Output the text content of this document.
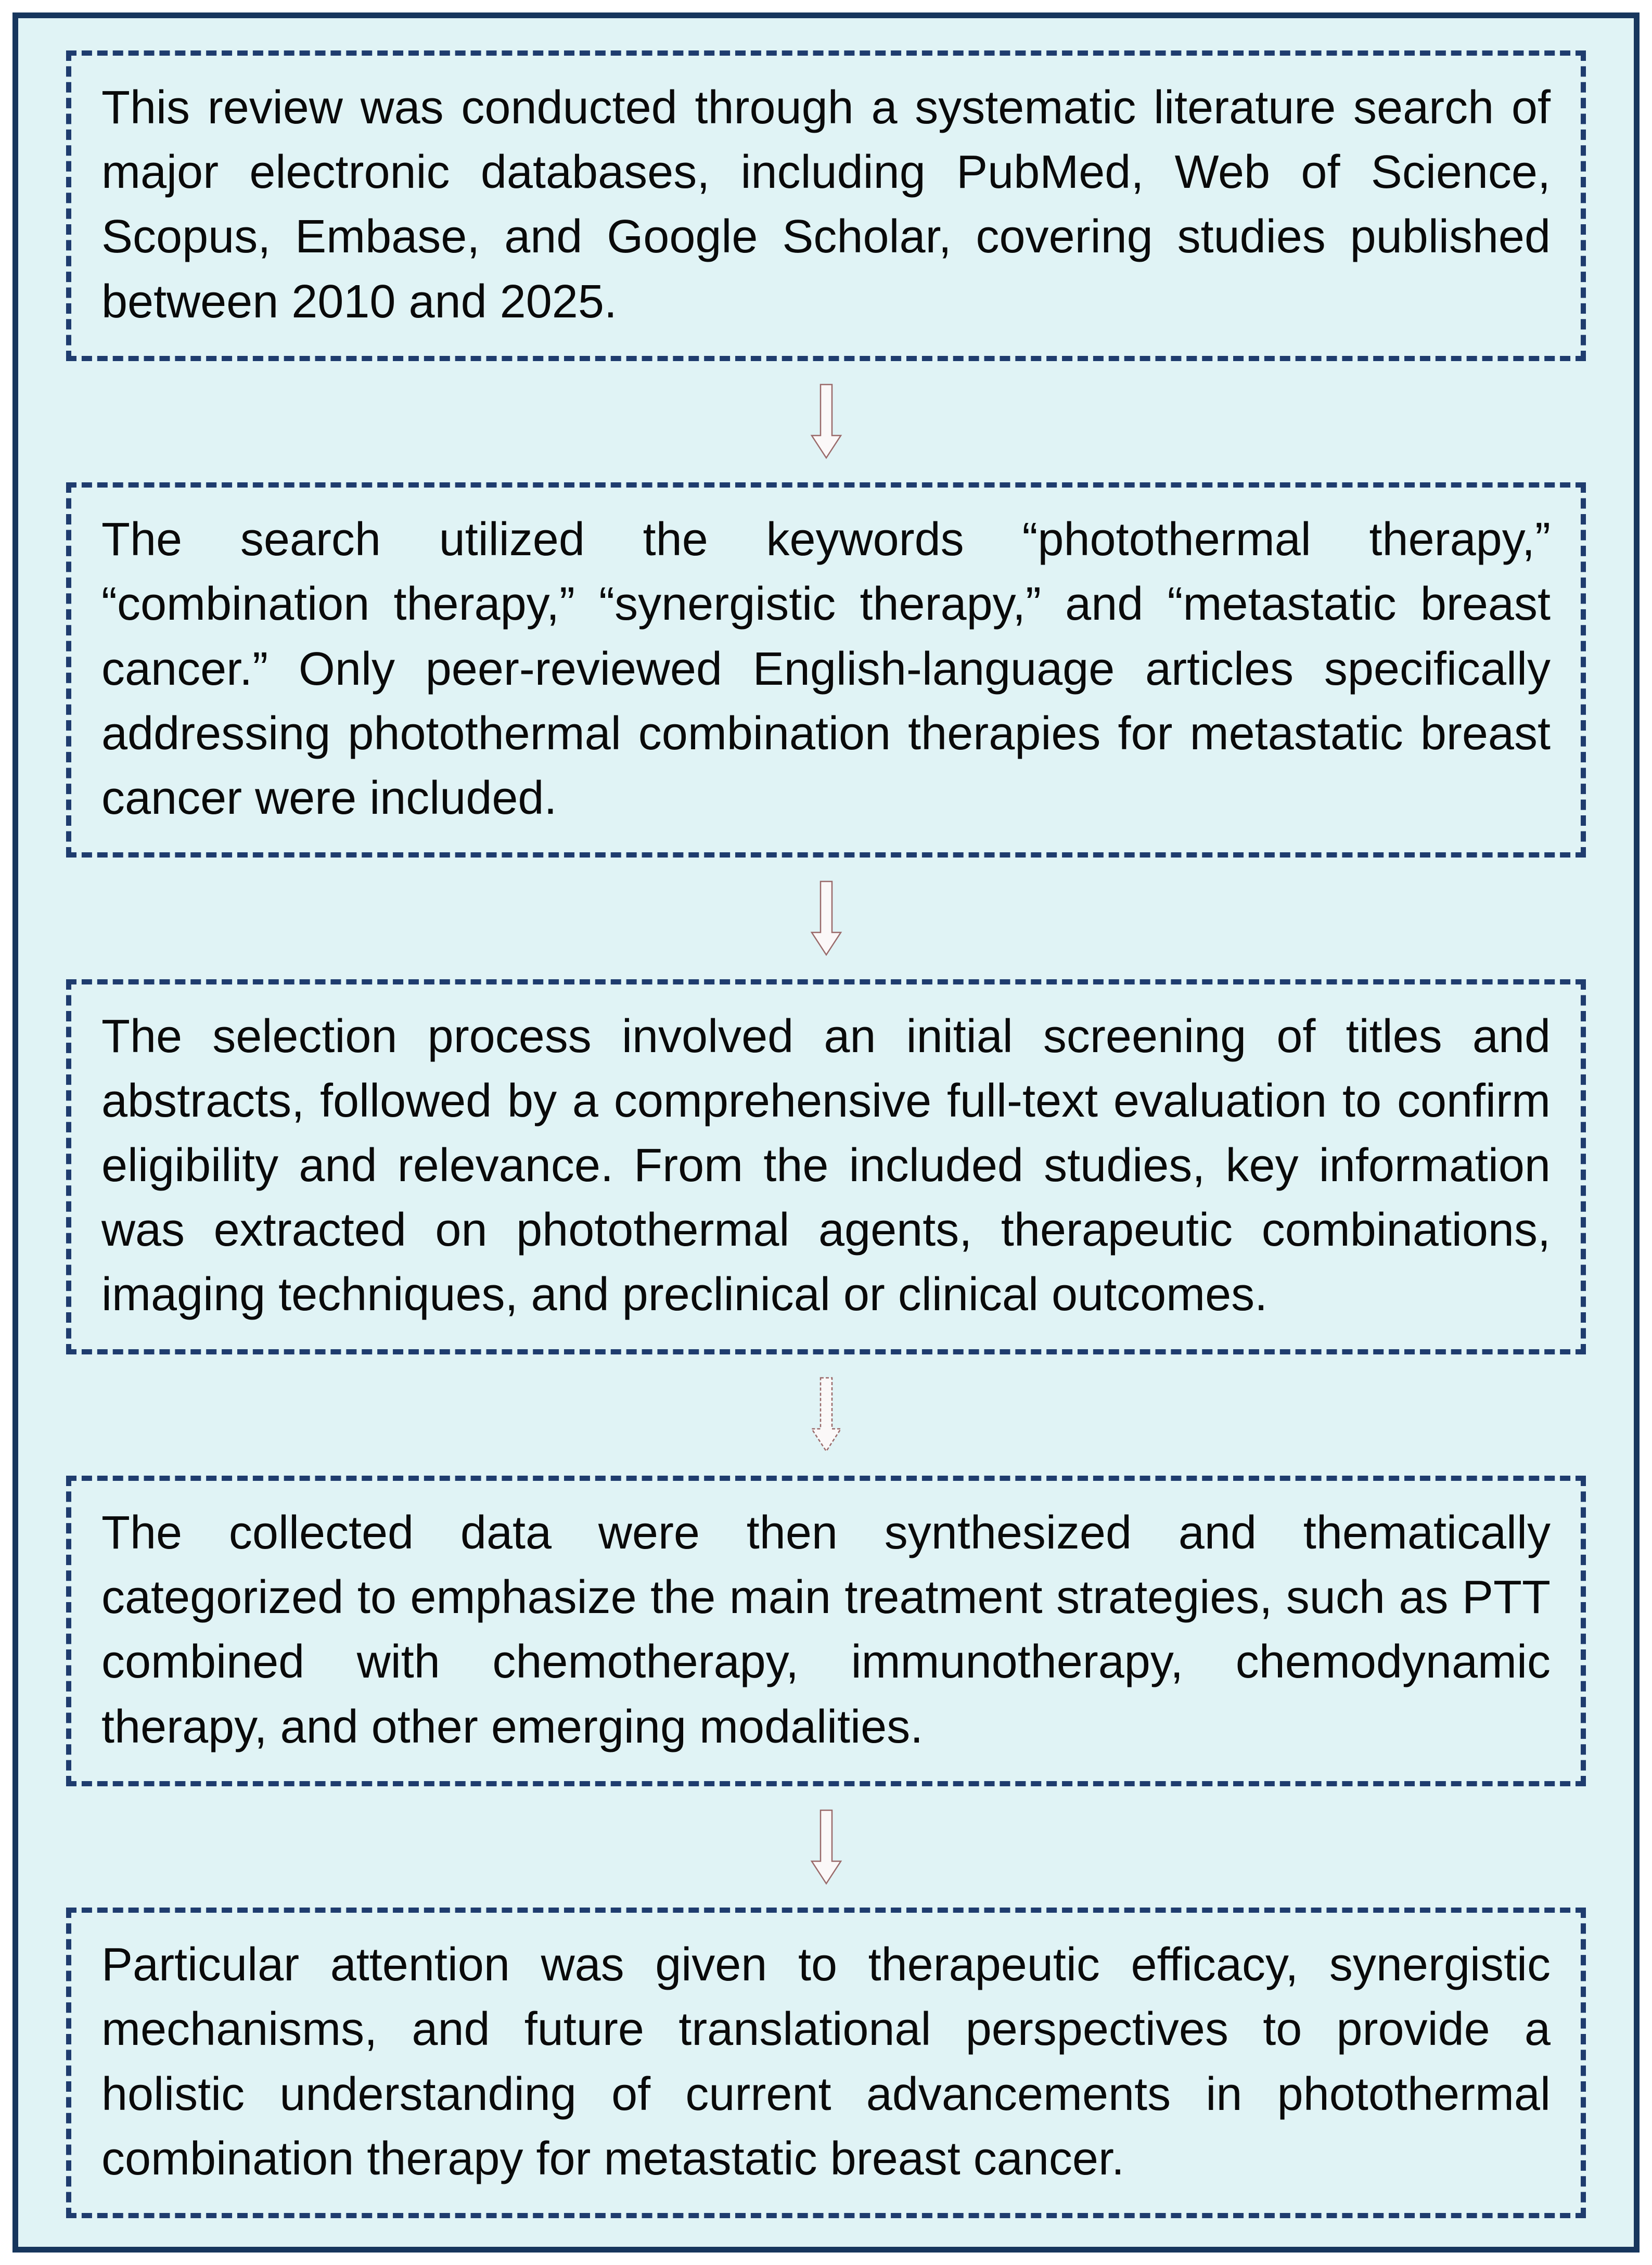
This review was conducted through a systematic literature search of major electronic databases, including PubMed, Web of Science, Scopus, Embase, and Google Scholar, covering studies published between 2010 and 2025.
The search utilized the keywords “photothermal therapy,” “combination therapy,” “synergistic therapy,” and “metastatic breast cancer.” Only peer-reviewed English-language articles specifically addressing photothermal combination therapies for metastatic breast cancer were included.
The selection process involved an initial screening of titles and abstracts, followed by a comprehensive full-text evaluation to confirm eligibility and relevance. From the included studies, key information was extracted on photothermal agents, therapeutic combinations, imaging techniques, and preclinical or clinical outcomes.
The collected data were then synthesized and thematically categorized to emphasize the main treatment strategies, such as PTT combined with chemotherapy, immunotherapy, chemodynamic therapy, and other emerging modalities.
Particular attention was given to therapeutic efficacy, synergistic mechanisms, and future translational perspectives to provide a holistic understanding of current advancements in photothermal combination therapy for metastatic breast cancer.
